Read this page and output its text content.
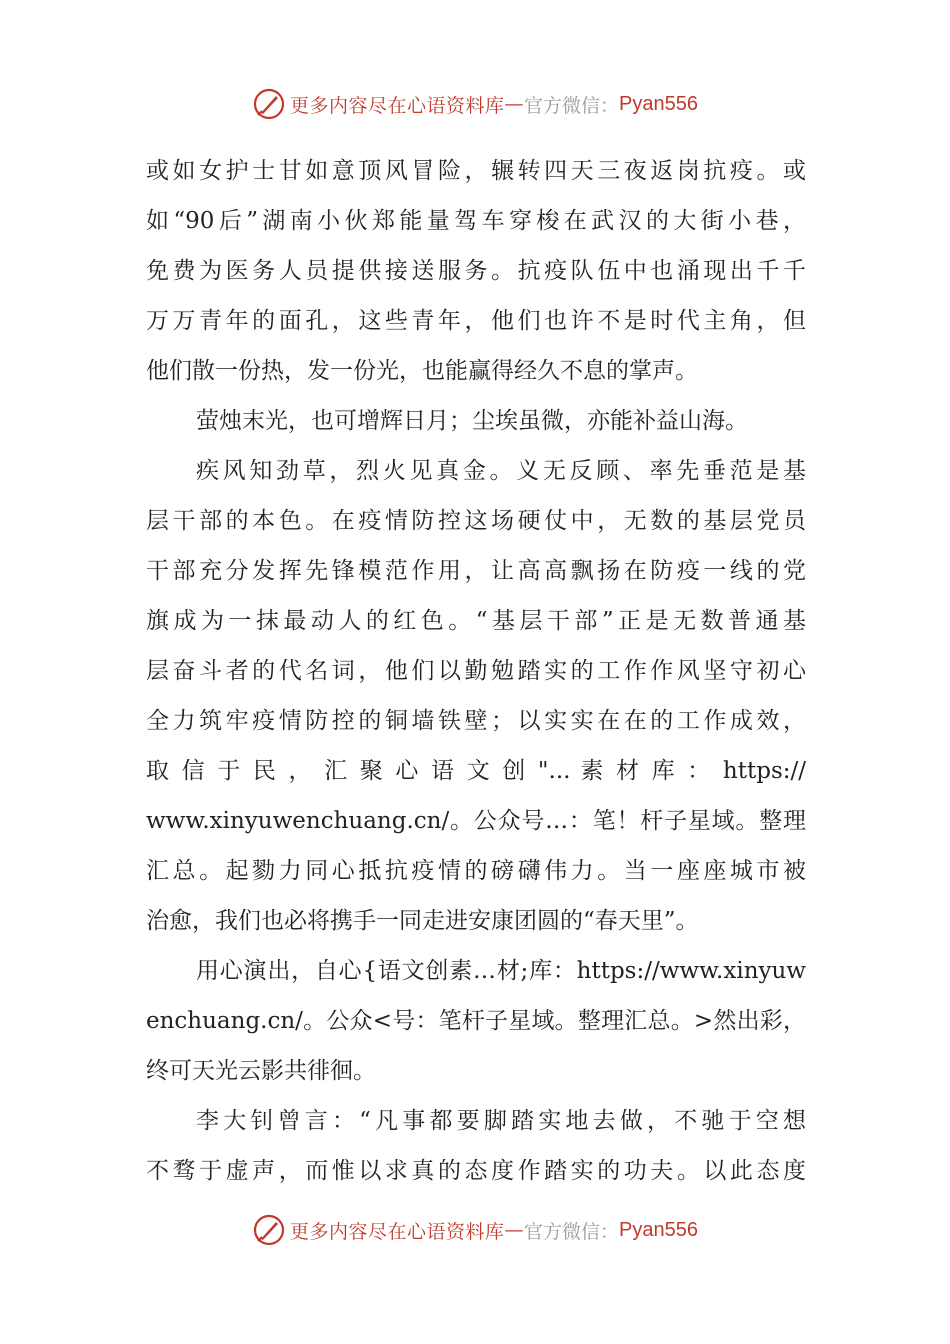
更多内容尽在心语资料库 — 官方微信： Pyan556
或如女护士甘如意顶风冒险，辗转四天三夜返岗抗疫。或
如“90后”湖南小伙郑能量驾车穿梭在武汉的大街小巷，
免费为医务人员提供接送服务。抗疫队伍中也涌现出千千
万万青年的面孔，这些青年，他们也许不是时代主角，但
他们散一份热，发一份光，也能赢得经久不息的掌声。
萤烛末光，也可增辉日月；尘埃虽微，亦能补益山海。
疾风知劲草，烈火见真金。义无反顾、率先垂范是基
层干部的本色。在疫情防控这场硬仗中，无数的基层党员
干部充分发挥先锋模范作用，让高高飘扬在防疫一线的党
旗成为一抹最动人的红色。“基层干部”正是无数普通基
层奋斗者的代名词，他们以勤勉踏实的工作作风坚守初心
全力筑牢疫情防控的铜墙铁壁；以实实在在的工作成效，
取 信 于 民 ， 汇 聚 心 语 文 创 "... 素 材 库 ： https://
www.xinyuwenchuang.cn/。公众号…：笔！杆子星域。整理
汇总。起勠力同心抵抗疫情的磅礴伟力。当一座座城市被
治愈，我们也必将携手一同走进安康团圆的“春天里”。
用心演出，自心{语文创素…材;库：https://www.xinyuw
enchuang.cn/。公众<号：笔杆子星域。整理汇总。>然出彩，
终可天光云影共徘徊。
李大钊曾言：“凡事都要脚踏实地去做，不驰于空想
不骛于虚声，而惟以求真的态度作踏实的功夫。以此态度
更多内容尽在心语资料库 — 官方微信： Pyan556
